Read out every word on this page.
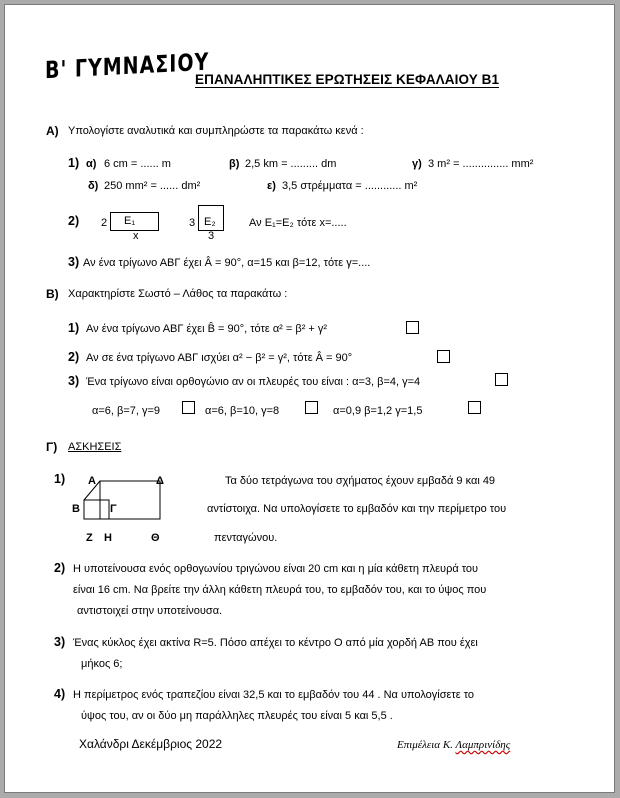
Β' ΓΥΜΝΑΣΙΟΥ
ΕΠΑΝΑΛΗΠΤΙΚΕΣ ΕΡΩΤΗΣΕΙΣ ΚΕΦΑΛΑΙΟΥ Β1
Α) Υπολογίστε αναλυτικά και συμπληρώστε τα παρακάτω κενά :
1) α) 6 cm = ...... m	β) 2,5 km = ......... dm	γ) 3 m² = ............... mm²
δ) 250 mm² = ...... dm²	ε) 3,5 στρέμματα = ............ m²
2) 2 Ε₁
x
3 Ε₂
3
Αν Ε₁=Ε₂ τότε x=.....
3) Αν ένα τρίγωνο ΑΒΓ έχει Â = 90°, α=15 και β=12, τότε γ=....
Β) Χαρακτηρίστε Σωστό – Λάθος τα παρακάτω :
1) Αν ένα τρίγωνο ΑΒΓ έχει B̂ = 90°, τότε α² = β² + γ²
2) Αν σε ένα τρίγωνο ΑΒΓ ισχύει α² − β² = γ², τότε Â = 90°
3) Ένα τρίγωνο είναι ορθογώνιο αν οι πλευρές του είναι : α=3, β=4, γ=4
α=6, β=7, γ=9	α=6, β=10, γ=8	α=0,9 β=1,2 γ=1,5
Γ) ΑΣΚΗΣΕΙΣ
1) Α	Δ
Β	Γ
Ζ Η	Θ
Τα δύο τετράγωνα του σχήματος έχουν εμβαδά 9 και 49
αντίστοιχα. Να υπολογίσετε το εμβαδόν και την περίμετρο του
πενταγώνου.
2) Η υποτείνουσα ενός ορθογωνίου τριγώνου είναι 20 cm και η μία κάθετη πλευρά του
είναι 16 cm. Να βρείτε την άλλη κάθετη πλευρά του, το εμβαδόν του, και το ύψος που
αντιστοιχεί στην υποτείνουσα.
3) Ένας κύκλος έχει ακτίνα R=5. Πόσο απέχει το κέντρο Ο από μία χορδή ΑΒ που έχει
μήκος 6;
4) Η περίμετρος ενός τραπεζίου είναι 32,5 και το εμβαδόν του 44 . Να υπολογίσετε το
ύψος του, αν οι δύο μη παράλληλες πλευρές του είναι 5 και 5,5 .
Χαλάνδρι Δεκέμβριος 2022	Επιμέλεια Κ. Λαμπρινίδης
